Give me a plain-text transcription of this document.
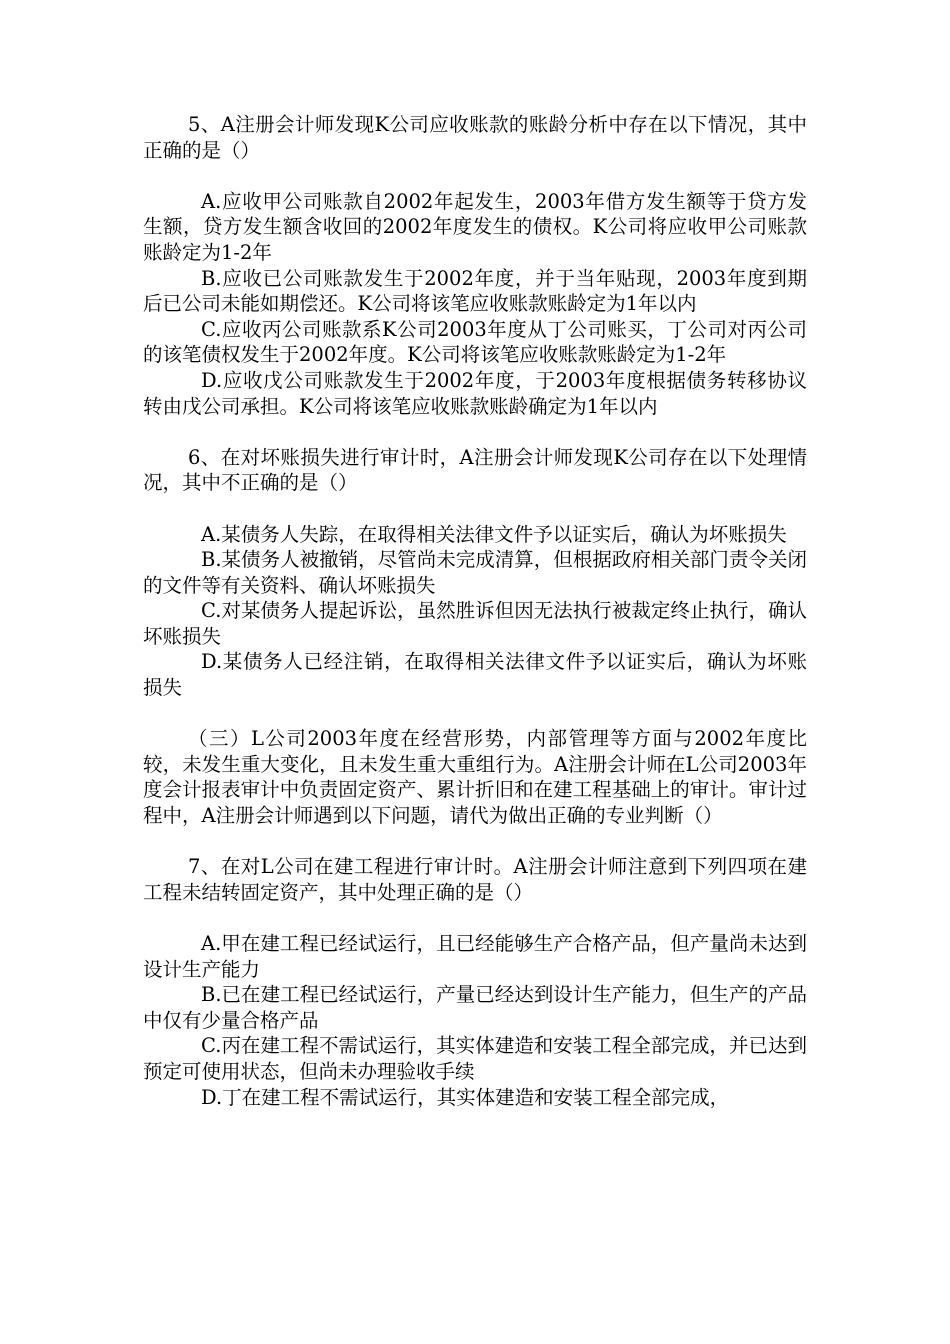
5、A注册会计师发现K公司应收账款的账龄分析中存在以下情况，其中正确的是（）

A.应收甲公司账款自2002年起发生，2003年借方发生额等于贷方发生额，贷方发生额含收回的2002年度发生的债权。K公司将应收甲公司账款账龄定为1-2年

B.应收已公司账款发生于2002年度，并于当年贴现，2003年度到期后已公司未能如期偿还。K公司将该笔应收账款账龄定为1年以内

C.应收丙公司账款系K公司2003年度从丁公司账买，丁公司对丙公司的该笔债权发生于2002年度。K公司将该笔应收账款账龄定为1-2年

D.应收戊公司账款发生于2002年度，于2003年度根据债务转移协议转由戊公司承担。K公司将该笔应收账款账龄确定为1年以内

6、在对坏账损失进行审计时，A注册会计师发现K公司存在以下处理情况，其中不正确的是（）

A.某债务人失踪，在取得相关法律文件予以证实后，确认为坏账损失

B.某债务人被撤销，尽管尚未完成清算，但根据政府相关部门责令关闭的文件等有关资料、确认坏账损失

C.对某债务人提起诉讼，虽然胜诉但因无法执行被裁定终止执行，确认坏账损失

D.某债务人已经注销，在取得相关法律文件予以证实后，确认为坏账损失

（三）L公司2003年度在经营形势，内部管理等方面与2002年度比较，未发生重大变化，且未发生重大重组行为。A注册会计师在L公司2003年度会计报表审计中负责固定资产、累计折旧和在建工程基础上的审计。审计过程中，A注册会计师遇到以下问题，请代为做出正确的专业判断（）

7、在对L公司在建工程进行审计时。A注册会计师注意到下列四项在建工程未结转固定资产，其中处理正确的是（）

A.甲在建工程已经试运行，且已经能够生产合格产品，但产量尚未达到设计生产能力

B.已在建工程已经试运行，产量已经达到设计生产能力，但生产的产品中仅有少量合格产品

C.丙在建工程不需试运行，其实体建造和安装工程全部完成，并已达到预定可使用状态，但尚未办理验收手续

D.丁在建工程不需试运行，其实体建造和安装工程全部完成，
